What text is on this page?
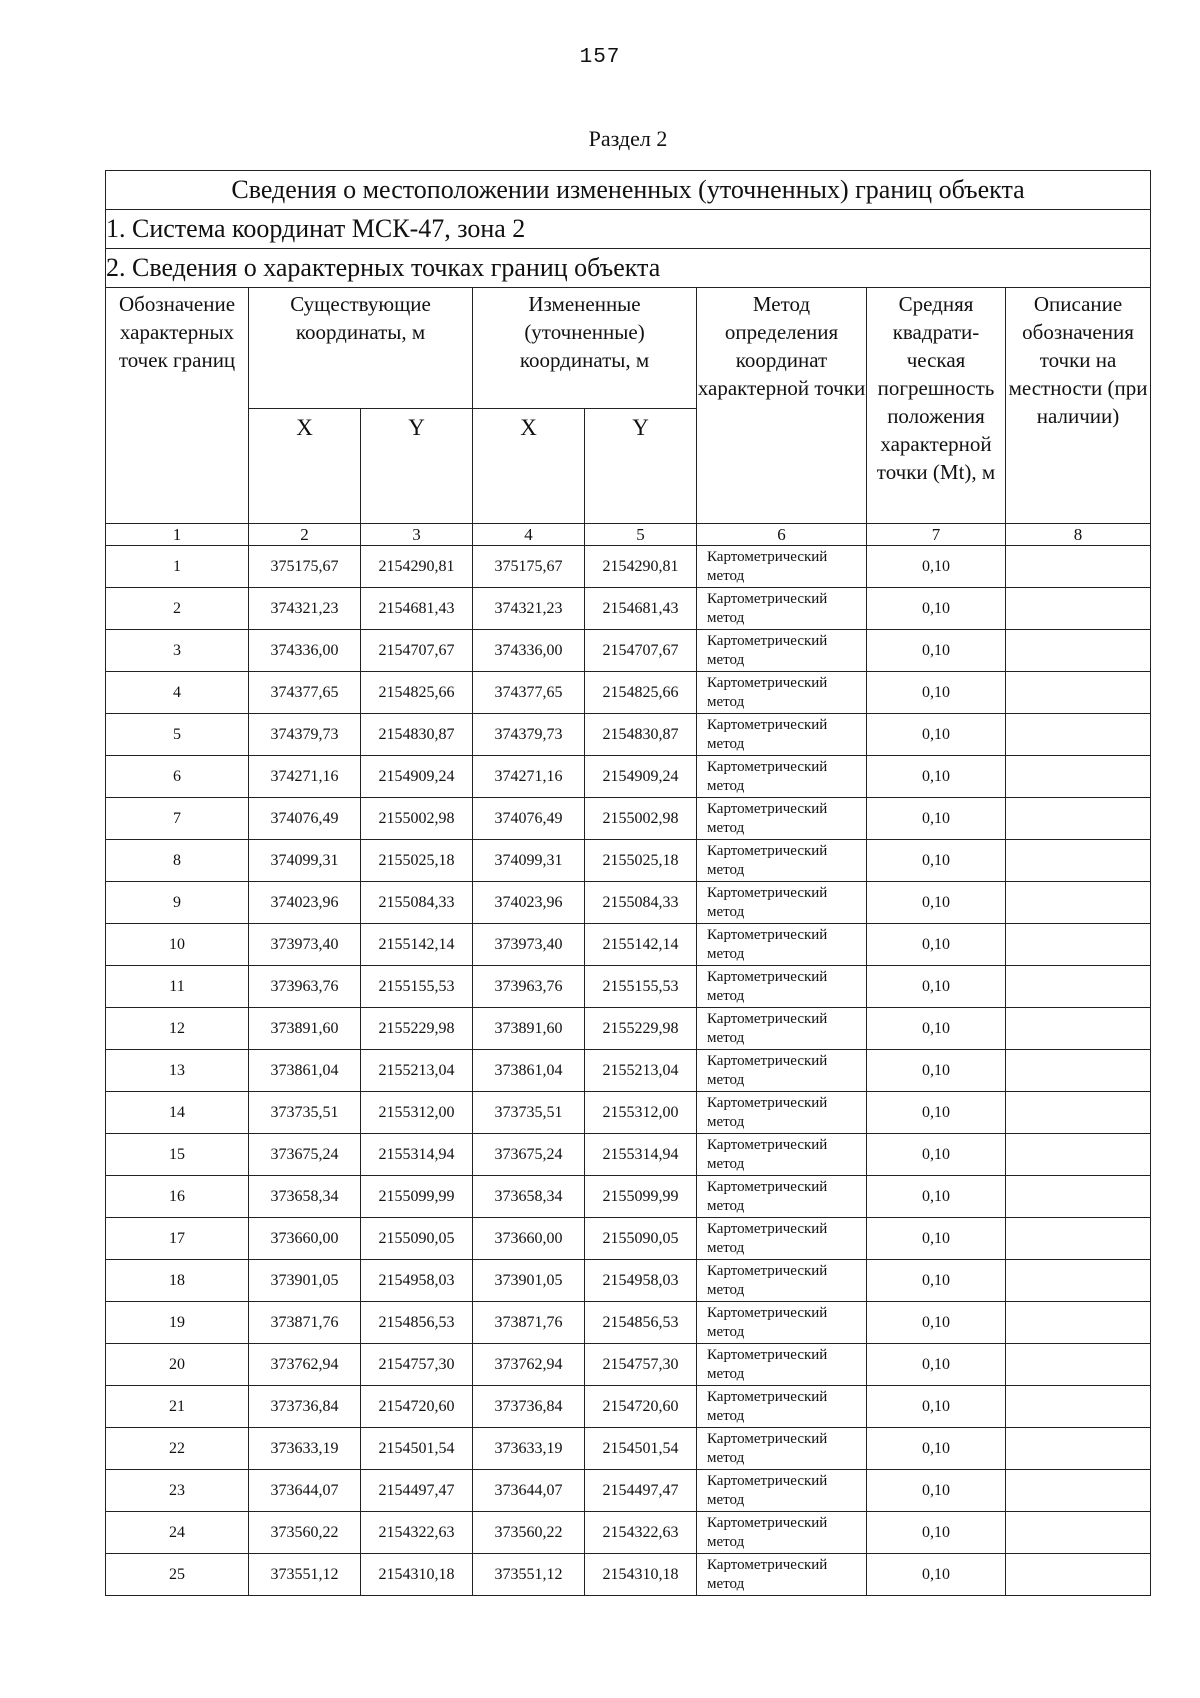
157
Раздел 2
Сведения о местоположении измененных (уточненных) границ объекта							
1. Система координат МСК-47, зона 2							
2. Сведения о характерных точках границ объекта							
Обозначение характерных точек границ	Существующие координаты, м		Измененные (уточненные) координаты, м		Метод определения координат характерной точки	Средняя квадрати- ческая погрешность положения характерной точки (Mt), м	Описание обозначения точки на местности (при наличии)
	X	Y	X	Y			
1	2	3	4	5	6	7	8
1	375175,67	2154290,81	375175,67	2154290,81	Картометрический метод	0,10	
2	374321,23	2154681,43	374321,23	2154681,43	Картометрический метод	0,10	
3	374336,00	2154707,67	374336,00	2154707,67	Картометрический метод	0,10	
4	374377,65	2154825,66	374377,65	2154825,66	Картометрический метод	0,10	
5	374379,73	2154830,87	374379,73	2154830,87	Картометрический метод	0,10	
6	374271,16	2154909,24	374271,16	2154909,24	Картометрический метод	0,10	
7	374076,49	2155002,98	374076,49	2155002,98	Картометрический метод	0,10	
8	374099,31	2155025,18	374099,31	2155025,18	Картометрический метод	0,10	
9	374023,96	2155084,33	374023,96	2155084,33	Картометрический метод	0,10	
10	373973,40	2155142,14	373973,40	2155142,14	Картометрический метод	0,10	
11	373963,76	2155155,53	373963,76	2155155,53	Картометрический метод	0,10	
12	373891,60	2155229,98	373891,60	2155229,98	Картометрический метод	0,10	
13	373861,04	2155213,04	373861,04	2155213,04	Картометрический метод	0,10	
14	373735,51	2155312,00	373735,51	2155312,00	Картометрический метод	0,10	
15	373675,24	2155314,94	373675,24	2155314,94	Картометрический метод	0,10	
16	373658,34	2155099,99	373658,34	2155099,99	Картометрический метод	0,10	
17	373660,00	2155090,05	373660,00	2155090,05	Картометрический метод	0,10	
18	373901,05	2154958,03	373901,05	2154958,03	Картометрический метод	0,10	
19	373871,76	2154856,53	373871,76	2154856,53	Картометрический метод	0,10	
20	373762,94	2154757,30	373762,94	2154757,30	Картометрический метод	0,10	
21	373736,84	2154720,60	373736,84	2154720,60	Картометрический метод	0,10	
22	373633,19	2154501,54	373633,19	2154501,54	Картометрический метод	0,10	
23	373644,07	2154497,47	373644,07	2154497,47	Картометрический метод	0,10	
24	373560,22	2154322,63	373560,22	2154322,63	Картометрический метод	0,10	
25	373551,12	2154310,18	373551,12	2154310,18	Картометрический метод	0,10	
